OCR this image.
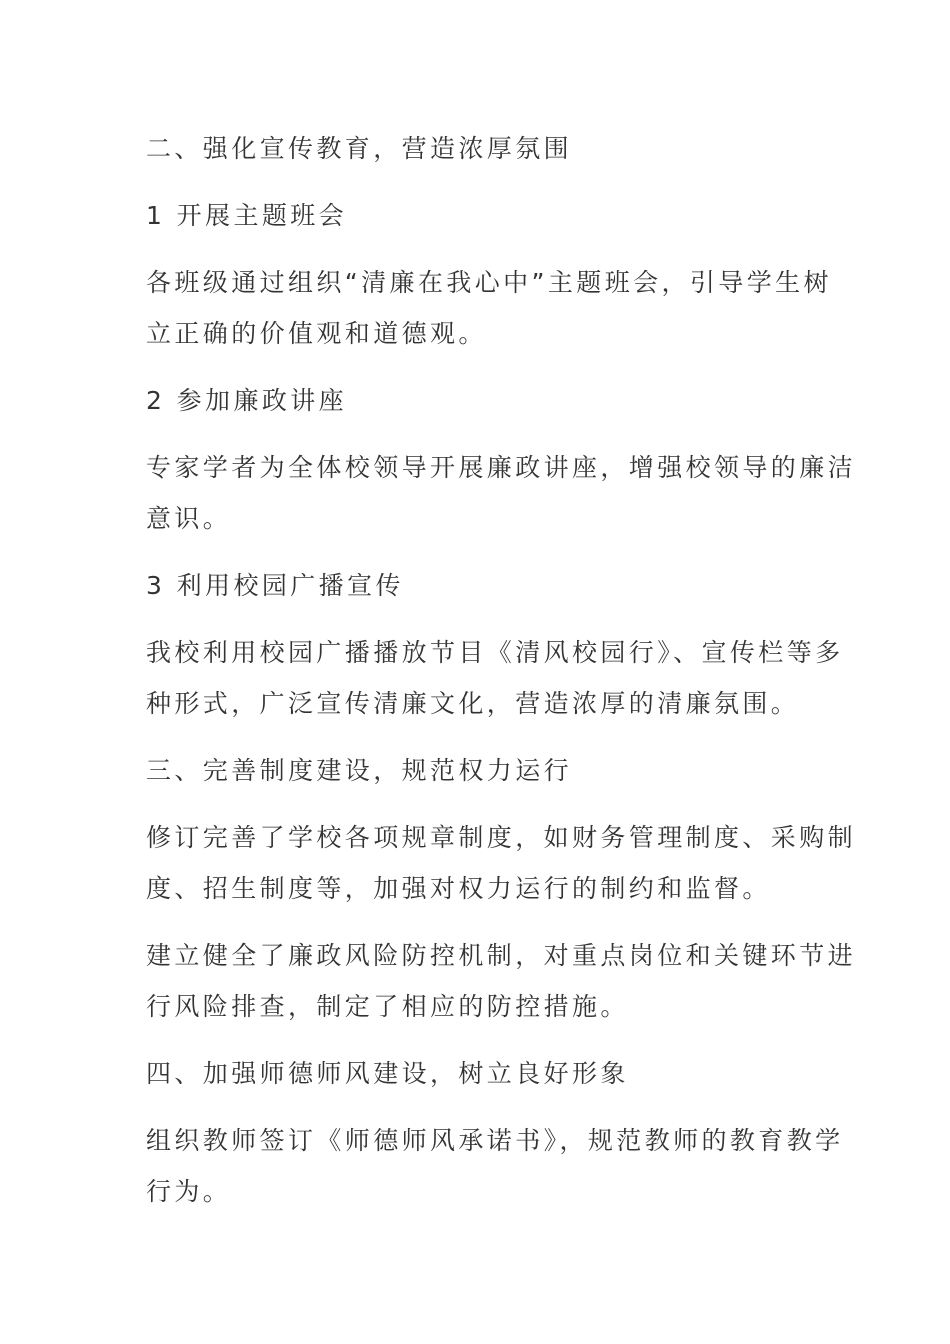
二、强化宣传教育，营造浓厚氛围

1 开展主题班会

各班级通过组织“清廉在我心中”主题班会，引导学生树

立正确的价值观和道德观。

2 参加廉政讲座

专家学者为全体校领导开展廉政讲座，增强校领导的廉洁

意识。

3 利用校园广播宣传

我校利用校园广播播放节目《清风校园行》、宣传栏等多

种形式，广泛宣传清廉文化，营造浓厚的清廉氛围。

三、完善制度建设，规范权力运行

修订完善了学校各项规章制度，如财务管理制度、采购制

度、招生制度等，加强对权力运行的制约和监督。

建立健全了廉政风险防控机制，对重点岗位和关键环节进

行风险排查，制定了相应的防控措施。

四、加强师德师风建设，树立良好形象

组织教师签订《师德师风承诺书》，规范教师的教育教学

行为。
